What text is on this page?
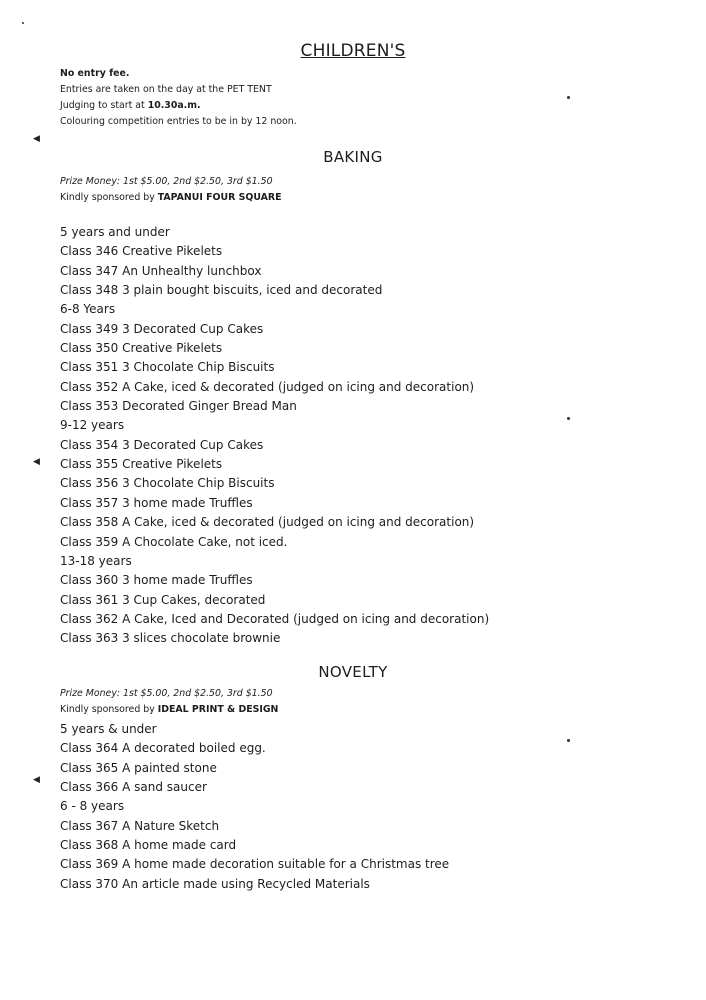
◀
◀
◀
CHILDREN'S
No entry fee.
Entries are taken on the day at the PET TENT
Judging to start at 10.30a.m.
Colouring competition entries to be in by 12 noon.
BAKING
Prize Money: 1st $5.00, 2nd $2.50, 3rd $1.50
Kindly sponsored by TAPANUI FOUR SQUARE
5 years and under
Class 346 Creative Pikelets
Class 347 An Unhealthy lunchbox
Class 348 3 plain bought biscuits, iced and decorated
6-8 Years
Class 349 3 Decorated Cup Cakes
Class 350 Creative Pikelets
Class 351 3 Chocolate Chip Biscuits
Class 352 A Cake, iced & decorated (judged on icing and decoration)
Class 353 Decorated Ginger Bread Man
9-12 years
Class 354 3 Decorated Cup Cakes
Class 355 Creative Pikelets
Class 356 3 Chocolate Chip Biscuits
Class 357 3 home made Truffles
Class 358 A Cake, iced & decorated (judged on icing and decoration)
Class 359 A Chocolate Cake, not iced.
13-18 years
Class 360 3 home made Truffles
Class 361 3 Cup Cakes, decorated
Class 362 A Cake, Iced and Decorated (judged on icing and decoration)
Class 363 3 slices chocolate brownie
NOVELTY
Prize Money: 1st $5.00, 2nd $2.50, 3rd $1.50
Kindly sponsored by IDEAL PRINT & DESIGN
5 years & under
Class 364 A decorated boiled egg.
Class 365 A painted stone
Class 366 A sand saucer
6 - 8 years
Class 367 A Nature Sketch
Class 368 A home made card
Class 369 A home made decoration suitable for a Christmas tree
Class 370 An article made using Recycled Materials
